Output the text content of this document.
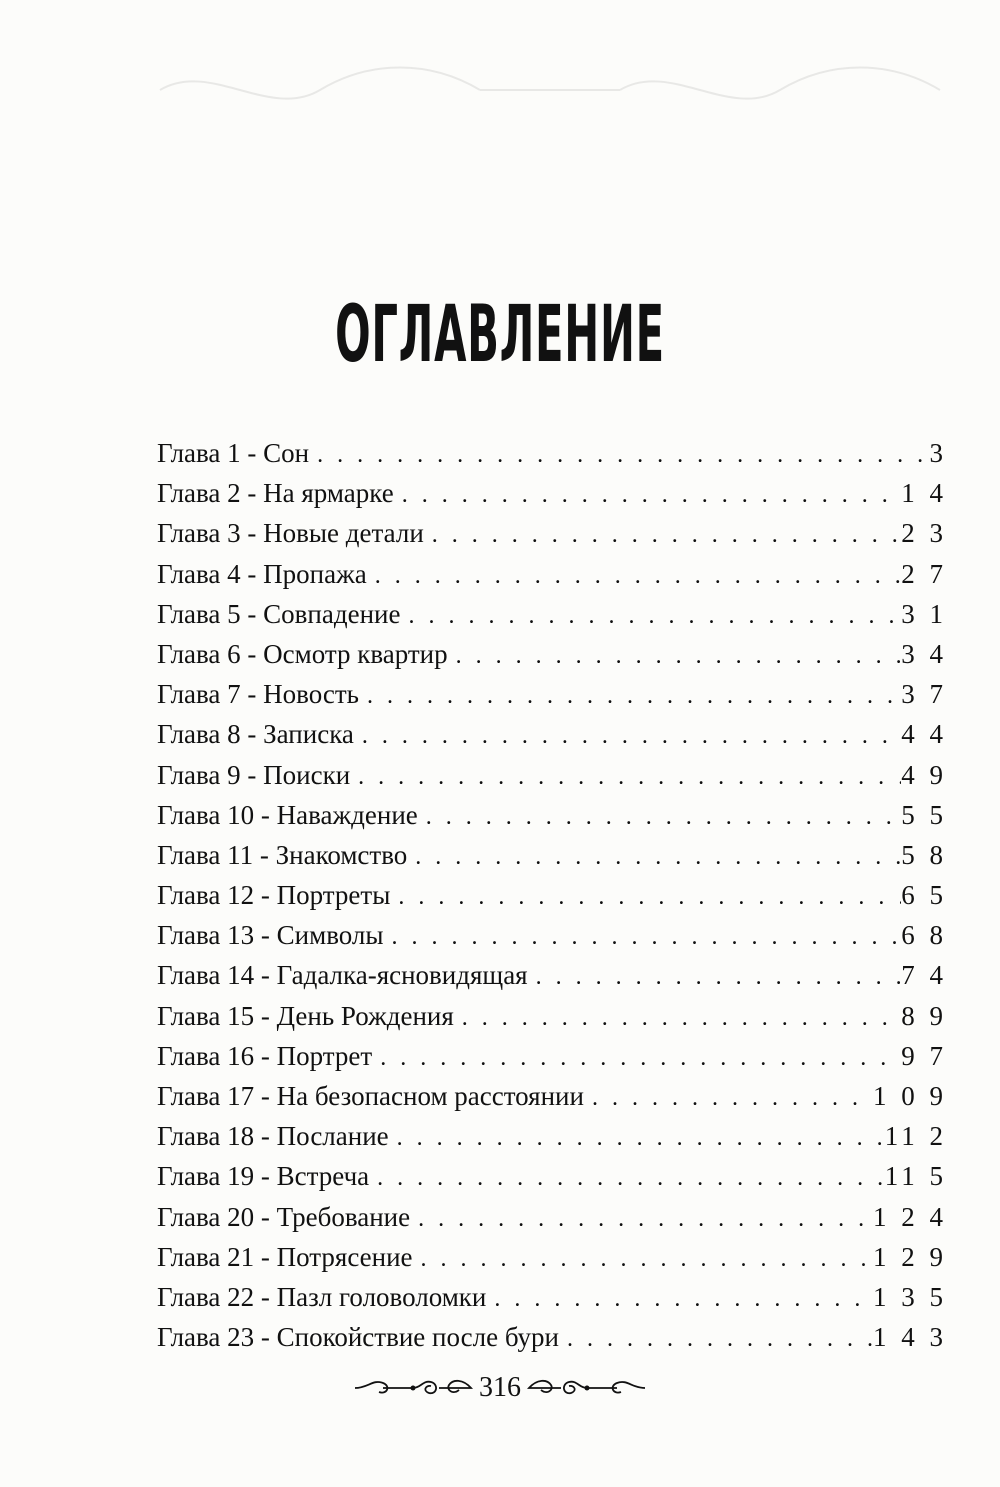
ОГЛАВЛЕНИЕ
Глава 1 - Сон . . .	3
Глава 2 - На ярмарке . . .	1 4
Глава 3 - Новые детали . . .	2 3
Глава 4 - Пропажа . . .	2 7
Глава 5 - Совпадение . . .	3 1
Глава 6 - Осмотр квартир . . .	3 4
Глава 7 - Новость . . .	3 7
Глава 8 - Записка . . .	4 4
Глава 9 - Поиски . . .	4 9
Глава 10 - Наваждение . . .	5 5
Глава 11 - Знакомство . . .	5 8
Глава 12 - Портреты . . .	6 5
Глава 13 - Символы . . .	6 8
Глава 14 - Гадалка-ясновидящая . . .	7 4
Глава 15 - День Рождения . . .	8 9
Глава 16 - Портрет . . .	9 7
Глава 17 - На безопасном расстоянии . . .	1 0 9
Глава 18 - Послание . . .	11 2
Глава 19 - Встреча . . .	11 5
Глава 20 - Требование . . .	1 2 4
Глава 21 - Потрясение . . .	1 2 9
Глава 22 - Пазл головоломки . . .	1 3 5
Глава 23 - Спокойствие после бури . . .	1 4 3
316
